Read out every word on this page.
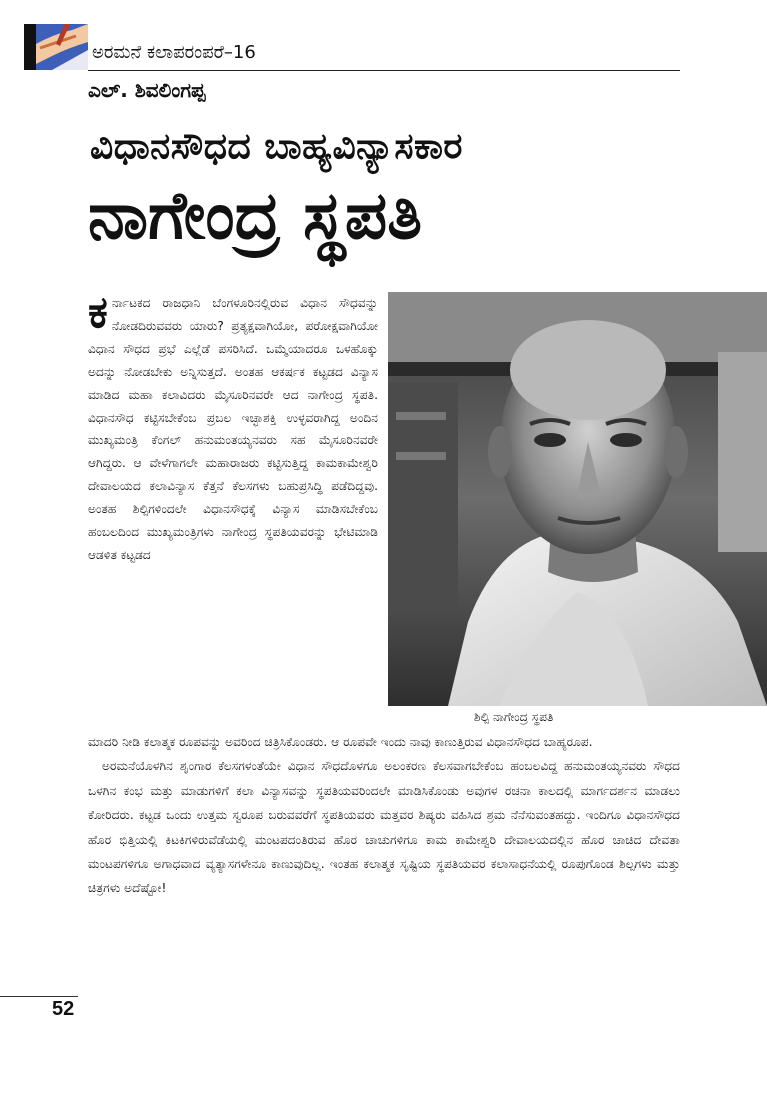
ಅರಮನೆ ಕಲಾಪರಂಪರೆ–16
ಎಲ್. ಶಿವಲಿಂಗಪ್ಪ
ವಿಧಾನಸೌಧದ ಬಾಹ್ಯವಿನ್ಯಾಸಕಾರ
ನಾಗೇಂದ್ರ ಸ್ಥಪತಿ
ಕರ್ನಾಟಕದ ರಾಜಧಾನಿ ಬೆಂಗಳೂರಿನಲ್ಲಿರುವ ವಿಧಾನ ಸೌಧವನ್ನು ನೋಡದಿರುವವರು ಯಾರು? ಪ್ರತ್ಯಕ್ಷವಾಗಿಯೋ, ಪರೋಕ್ಷವಾಗಿಯೋ ವಿಧಾನ ಸೌಧದ ಪ್ರಭೆ ಎಲ್ಲೆಡೆ ಪಸರಿಸಿದೆ. ಒಮ್ಮೆಯಾದರೂ ಒಳಹೊಕ್ಕು ಅದನ್ನು ನೋಡಬೇಕು ಅನ್ನಿಸುತ್ತದೆ. ಅಂತಹ ಆಕರ್ಷಕ ಕಟ್ಟಡದ ವಿನ್ಯಾಸ ಮಾಡಿದ ಮಹಾ ಕಲಾವಿದರು ಮೈಸೂರಿನವರೇ ಆದ ನಾಗೇಂದ್ರ ಸ್ಥಪತಿ. ವಿಧಾನಸೌಧ ಕಟ್ಟಿಸಬೇಕೆಂಬ ಪ್ರಬಲ ಇಚ್ಛಾಶಕ್ತಿ ಉಳ್ಳವರಾಗಿದ್ದ ಅಂದಿನ ಮುಖ್ಯಮಂತ್ರಿ ಕೆಂಗಲ್ ಹನುಮಂತಯ್ಯನವರು ಸಹ ಮೈಸೂರಿನವರೇ ಆಗಿದ್ದರು. ಆ ವೇಳೆಗಾಗಲೇ ಮಹಾರಾಜರು ಕಟ್ಟಿಸುತ್ತಿದ್ದ ಕಾಮಕಾಮೇಶ್ವರಿ ದೇವಾಲಯದ ಕಲಾವಿನ್ಯಾಸ ಕೆತ್ತನೆ ಕೆಲಸಗಳು ಬಹುಪ್ರಸಿದ್ಧಿ ಪಡೆದಿದ್ದವು. ಅಂತಹ ಶಿಲ್ಪಿಗಳಿಂದಲೇ ವಿಧಾನಸೌಧಕ್ಕೆ ವಿನ್ಯಾಸ ಮಾಡಿಸಬೇಕೆಂಬ ಹಂಬಲದಿಂದ ಮುಖ್ಯಮಂತ್ರಿಗಳು ನಾಗೇಂದ್ರ ಸ್ಥಪತಿಯವರನ್ನು ಭೇಟಿಮಾಡಿ ಆಡಳಿತ ಕಟ್ಟಡದ
ಶಿಲ್ಪಿ ನಾಗೇಂದ್ರ ಸ್ಥಪತಿ

ಮಾದರಿ ನೀಡಿ ಕಲಾತ್ಮಕ ರೂಪವನ್ನು ಅವರಿಂದ ಚಿತ್ರಿಸಿಕೊಂಡರು. ಆ ರೂಪವೇ ಇಂದು ನಾವು ಕಾಣುತ್ತಿರುವ ವಿಧಾನಸೌಧದ ಬಾಹ್ಯರೂಪ.

ಅರಮನೆಯೊಳಗಿನ ಶೃಂಗಾರ ಕೆಲಸಗಳಂತೆಯೇ ವಿಧಾನ ಸೌಧದೊಳಗೂ ಅಲಂಕರಣ ಕೆಲಸವಾಗಬೇಕೆಂಬ ಹಂಬಲವಿದ್ದ ಹನುಮಂತಯ್ಯನವರು ಸೌಧದ ಒಳಗಿನ ಕಂಭ ಮತ್ತು ಮಾಡುಗಳಿಗೆ ಕಲಾ ವಿನ್ಯಾಸವನ್ನು ಸ್ಥಪತಿಯವರಿಂದಲೇ ಮಾಡಿಸಿಕೊಂಡು ಅವುಗಳ ರಚನಾ ಕಾಲದಲ್ಲಿ ಮಾರ್ಗದರ್ಶನ ಮಾಡಲು ಕೋರಿದರು. ಕಟ್ಟಡ ಒಂದು ಉತ್ತಮ ಸ್ವರೂಪ ಬರುವವರೆಗೆ ಸ್ಥಪತಿಯವರು ಮತ್ತವರ ಶಿಷ್ಯರು ವಹಿಸಿದ ಶ್ರಮ ನೆನೆಸುವಂತಹದ್ದು. ಇಂದಿಗೂ ವಿಧಾನಸೌಧದ ಹೊರ ಭಿತ್ತಿಯಲ್ಲಿ ಕಿಟಕಿಗಳಿರುವೆಡೆಯಲ್ಲಿ ಮಂಟಪದಂತಿರುವ ಹೊರ ಚಾಚುಗಳಿಗೂ ಕಾಮ ಕಾಮೇಶ್ವರಿ ದೇವಾಲಯದಲ್ಲಿನ ಹೊರ ಚಾಚಿದ ದೇವತಾ ಮಂಟಪಗಳಿಗೂ ಅಗಾಧವಾದ ವ್ಯತ್ಯಾಸಗಳೇನೂ ಕಾಣುವುದಿಲ್ಲ. ಇಂತಹ ಕಲಾತ್ಮಕ ಸೃಷ್ಟಿಯ ಸ್ಥಪತಿಯವರ ಕಲಾಸಾಧನೆಯಲ್ಲಿ ರೂಪುಗೊಂಡ ಶಿಲ್ಪಗಳು ಮತ್ತು ಚಿತ್ರಗಳು ಅದೆಷ್ಟೋ!

52
